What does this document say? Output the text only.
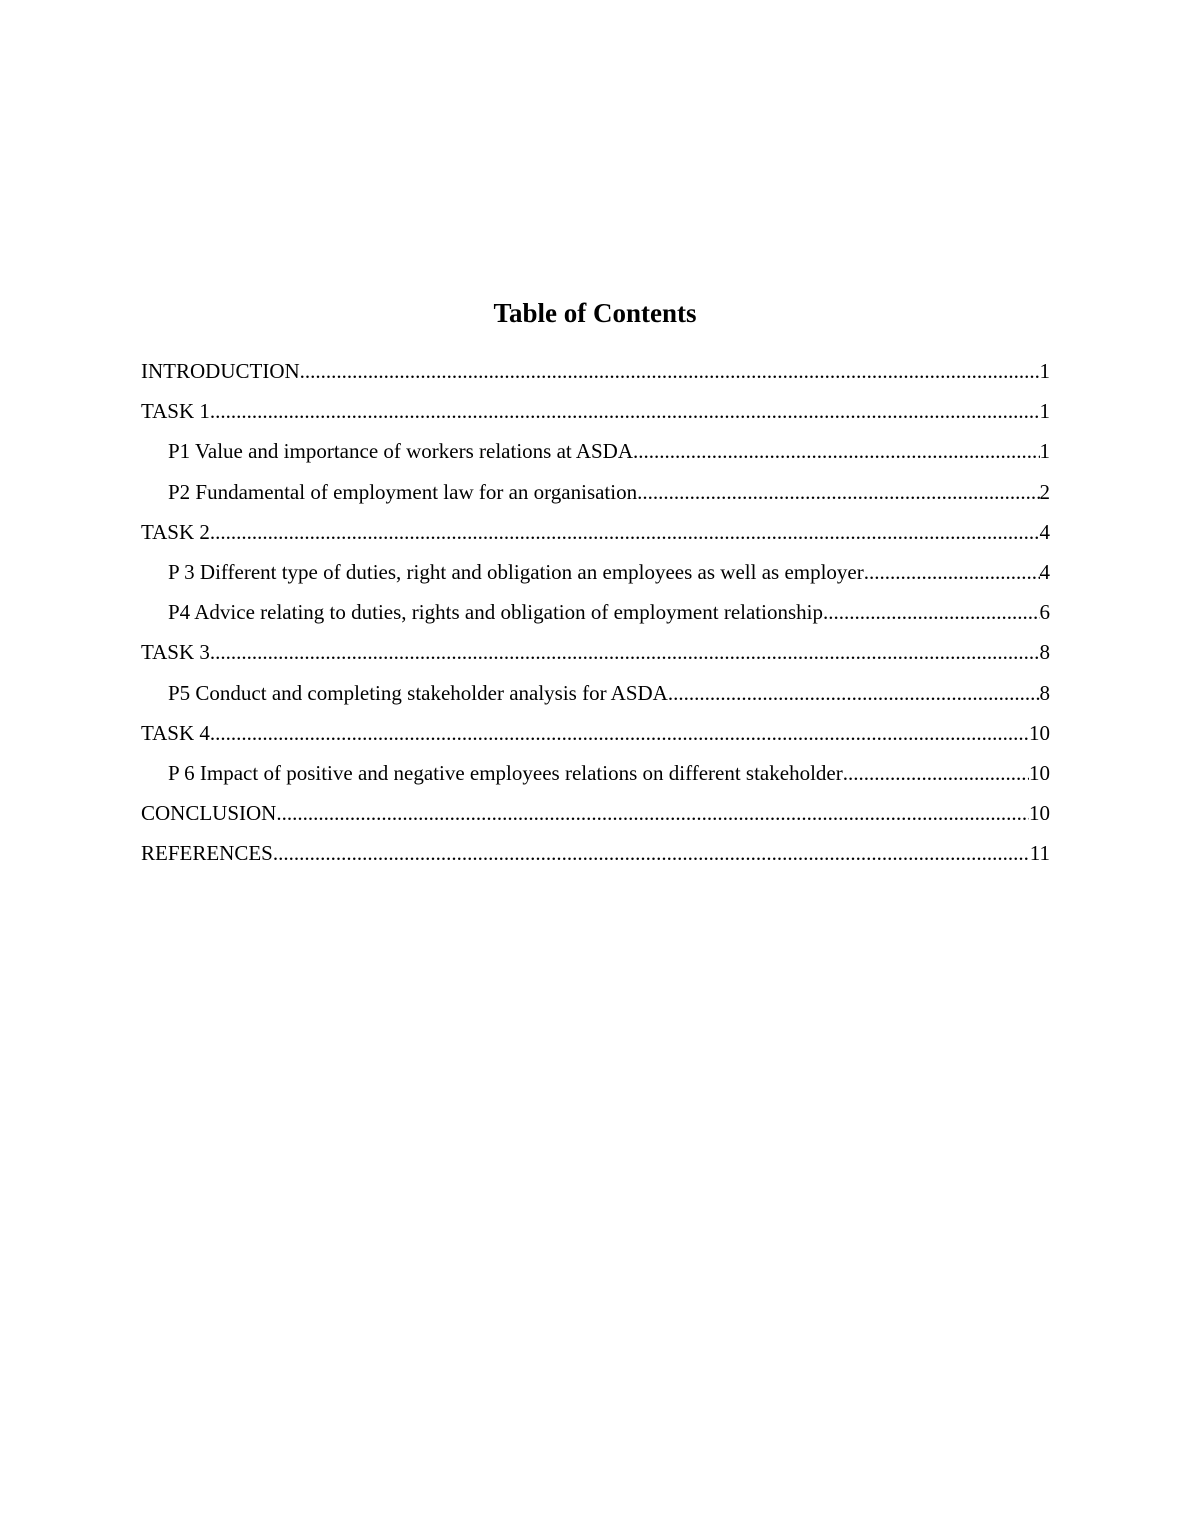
Table of Contents
INTRODUCTION .....	1
TASK 1 .....	1
P1 Value and importance of workers relations at ASDA .....	1
P2 Fundamental of employment law for an organisation .....	2
TASK 2 .....	4
P 3 Different type of duties, right and obligation an employees as well as employer .....	4
P4 Advice relating to duties, rights and obligation of employment relationship .....	6
TASK 3 .....	8
P5 Conduct and completing stakeholder analysis for ASDA .....	8
TASK 4 .....	10
P 6 Impact of positive and negative employees relations on different stakeholder .....	10
CONCLUSION .....	10
REFERENCES .....	11
